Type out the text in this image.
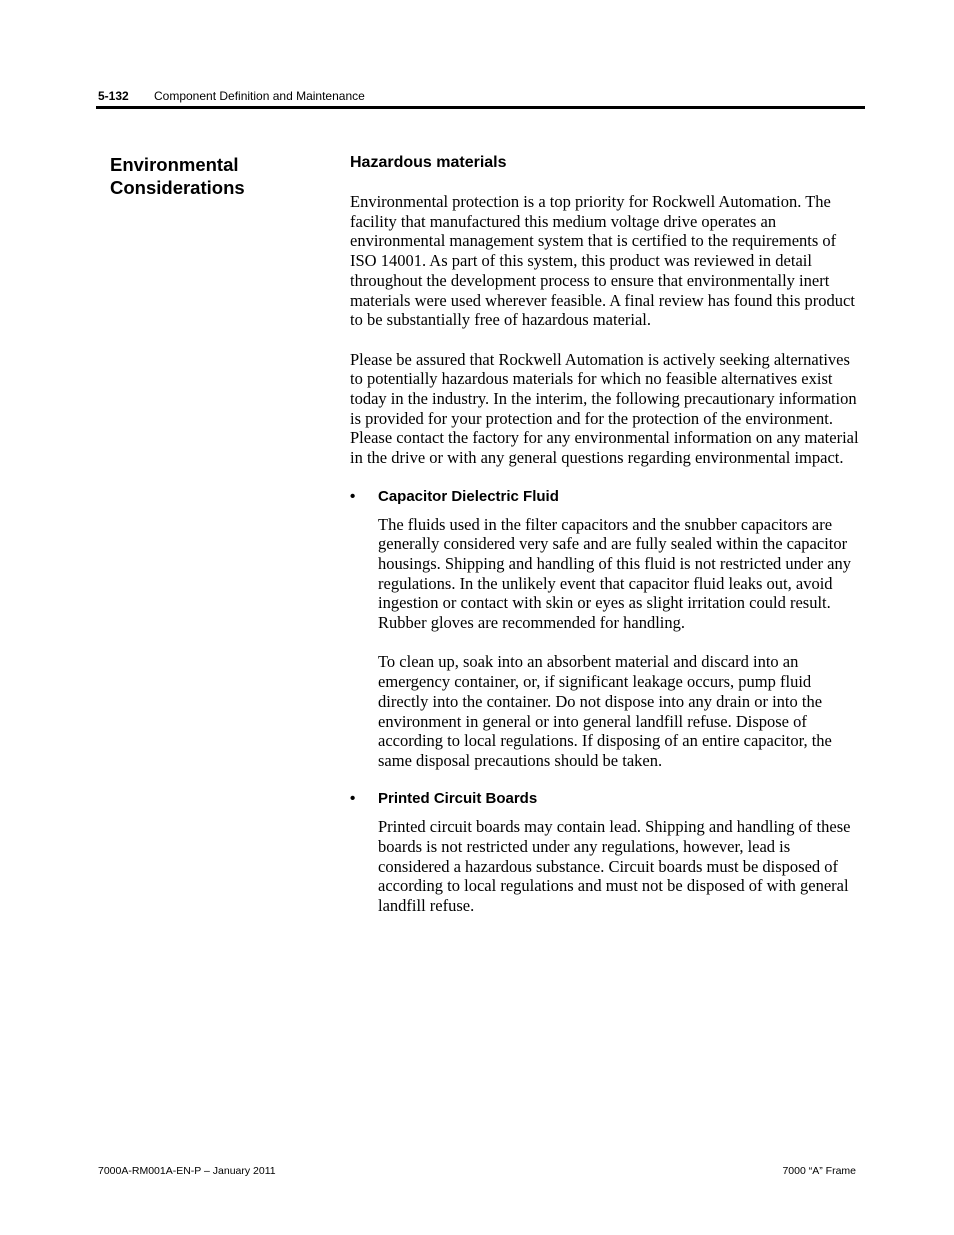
5-132 Component Definition and Maintenance
Environmental
Considerations
Hazardous materials

Environmental protection is a top priority for Rockwell Automation. The facility that manufactured this medium voltage drive operates an environmental management system that is certified to the requirements of ISO 14001. As part of this system, this product was reviewed in detail throughout the development process to ensure that environmentally inert materials were used wherever feasible. A final review has found this product to be substantially free of hazardous material.

Please be assured that Rockwell Automation is actively seeking alternatives to potentially hazardous materials for which no feasible alternatives exist today in the industry. In the interim, the following precautionary information is provided for your protection and for the protection of the environment. Please contact the factory for any environmental information on any material in the drive or with any general questions regarding environmental impact.

•	Capacitor Dielectric Fluid

The fluids used in the filter capacitors and the snubber capacitors are generally considered very safe and are fully sealed within the capacitor housings. Shipping and handling of this fluid is not restricted under any regulations. In the unlikely event that capacitor fluid leaks out, avoid ingestion or contact with skin or eyes as slight irritation could result. Rubber gloves are recommended for handling.

To clean up, soak into an absorbent material and discard into an emergency container, or, if significant leakage occurs, pump fluid directly into the container. Do not dispose into any drain or into the environment in general or into general landfill refuse. Dispose of according to local regulations. If disposing of an entire capacitor, the same disposal precautions should be taken.

•	Printed Circuit Boards

Printed circuit boards may contain lead. Shipping and handling of these boards is not restricted under any regulations, however, lead is considered a hazardous substance. Circuit boards must be disposed of according to local regulations and must not be disposed of with general landfill refuse.

7000A-RM001A-EN-P – January 2011	7000 “A” Frame
